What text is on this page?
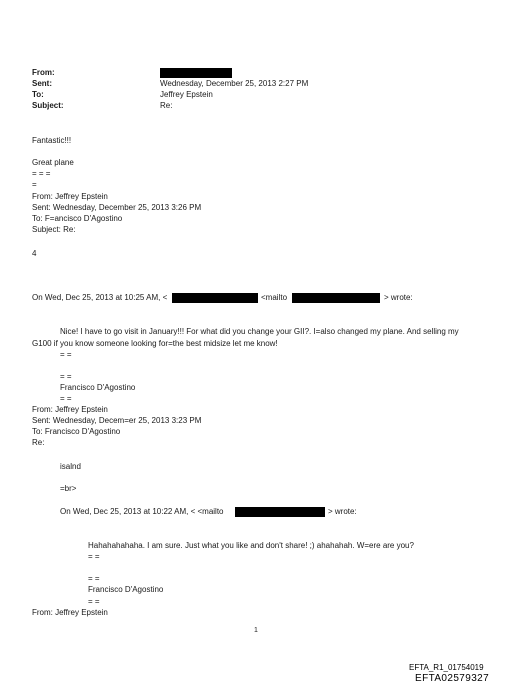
From:
Sent:	Wednesday, December 25, 2013 2:27 PM
To:	Jeffrey Epstein
Subject:	Re:
Fantastic!!!
Great plane
= = =
=
From: Jeffrey Epstein
Sent: Wednesday, December 25, 2013 3:26 PM
To: F=ancisco D'Agostino
Subject: Re:
4
On Wed, Dec 25, 2013 at 10:25 AM, <	<mailto	> wrote:
Nice! I have to go visit in January!!! For what did you change your GII?. I=also changed my plane. And selling my
G100 if you know someone looking for=the best midsize let me know!
= =
= =
Francisco D'Agostino
= =
From: Jeffrey Epstein
Sent: Wednesday, Decem=er 25, 2013 3:23 PM
To: Francisco D'Agostino
Re:
isalnd
=br>
On Wed, Dec 25, 2013 at 10:22 AM, < <mailto	> wrote:
Hahahahahaha. I am sure. Just what you like and don't share! ;) ahahahah. W=ere are you?
= =
= =
Francisco D'Agostino
= =
From: Jeffrey Epstein
1
EFTA_R1_01754019
EFTA02579327
